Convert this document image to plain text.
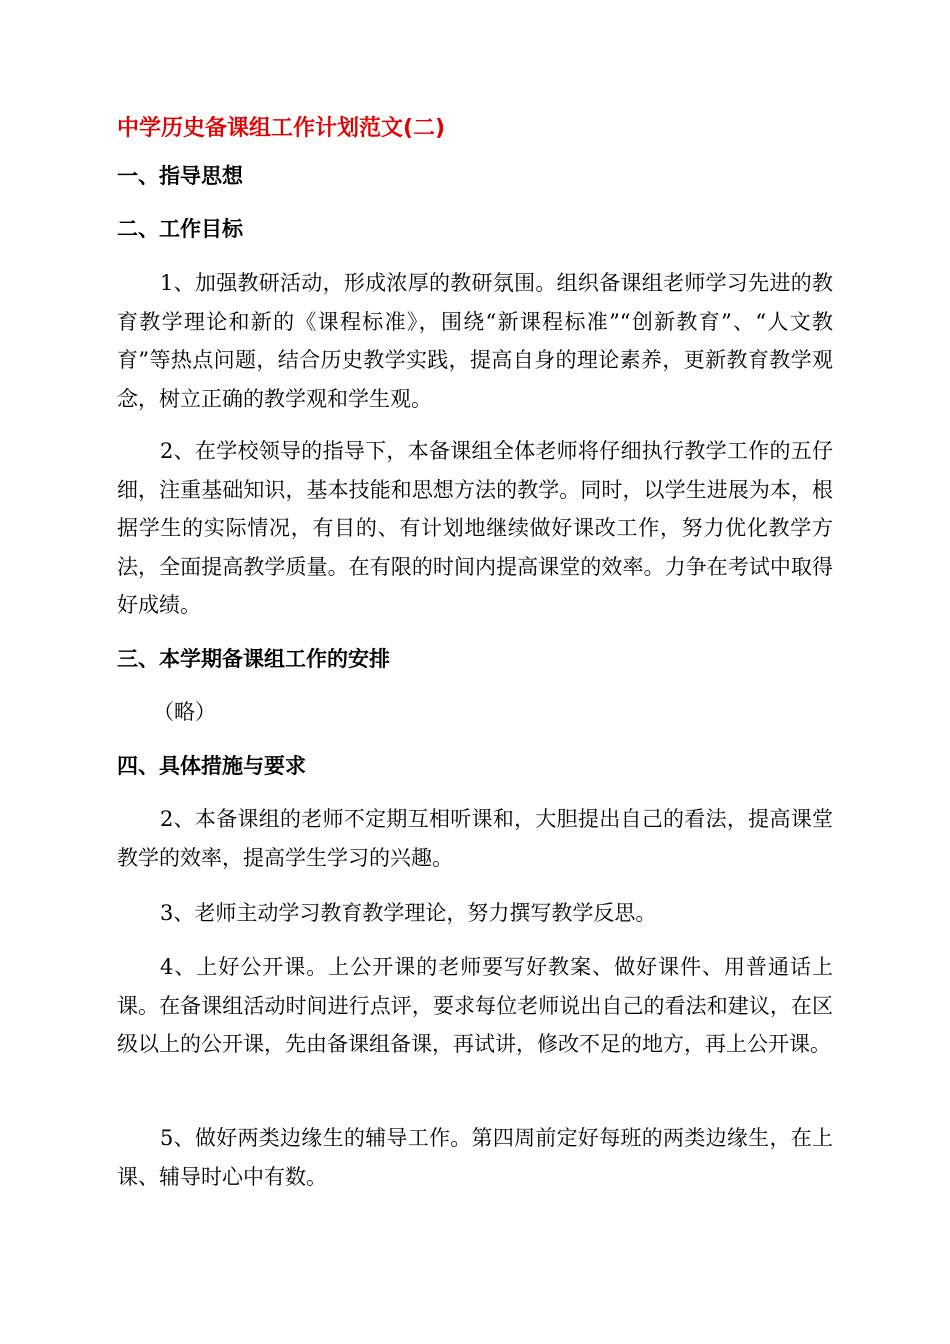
中学历史备课组工作计划范文(二)
一、指导思想
二、工作目标
1、加强教研活动，形成浓厚的教研氛围。组织备课组老师学习先进的教育教学理论和新的《课程标准》，围绕“新课程标准”“创新教育”、“人文教育”等热点问题，结合历史教学实践，提高自身的理论素养，更新教育教学观念，树立正确的教学观和学生观。
2、在学校领导的指导下，本备课组全体老师将仔细执行教学工作的五仔细，注重基础知识，基本技能和思想方法的教学。同时，以学生进展为本，根据学生的实际情况，有目的、有计划地继续做好课改工作，努力优化教学方法，全面提高教学质量。在有限的时间内提高课堂的效率。力争在考试中取得好成绩。
三、本学期备课组工作的安排
（略）
四、具体措施与要求
2、本备课组的老师不定期互相听课和，大胆提出自己的看法，提高课堂教学的效率，提高学生学习的兴趣。
3、老师主动学习教育教学理论，努力撰写教学反思。
4、上好公开课。上公开课的老师要写好教案、做好课件、用普通话上课。在备课组活动时间进行点评，要求每位老师说出自己的看法和建议，在区级以上的公开课，先由备课组备课，再试讲，修改不足的地方，再上公开课。
5、做好两类边缘生的辅导工作。第四周前定好每班的两类边缘生，在上课、辅导时心中有数。
